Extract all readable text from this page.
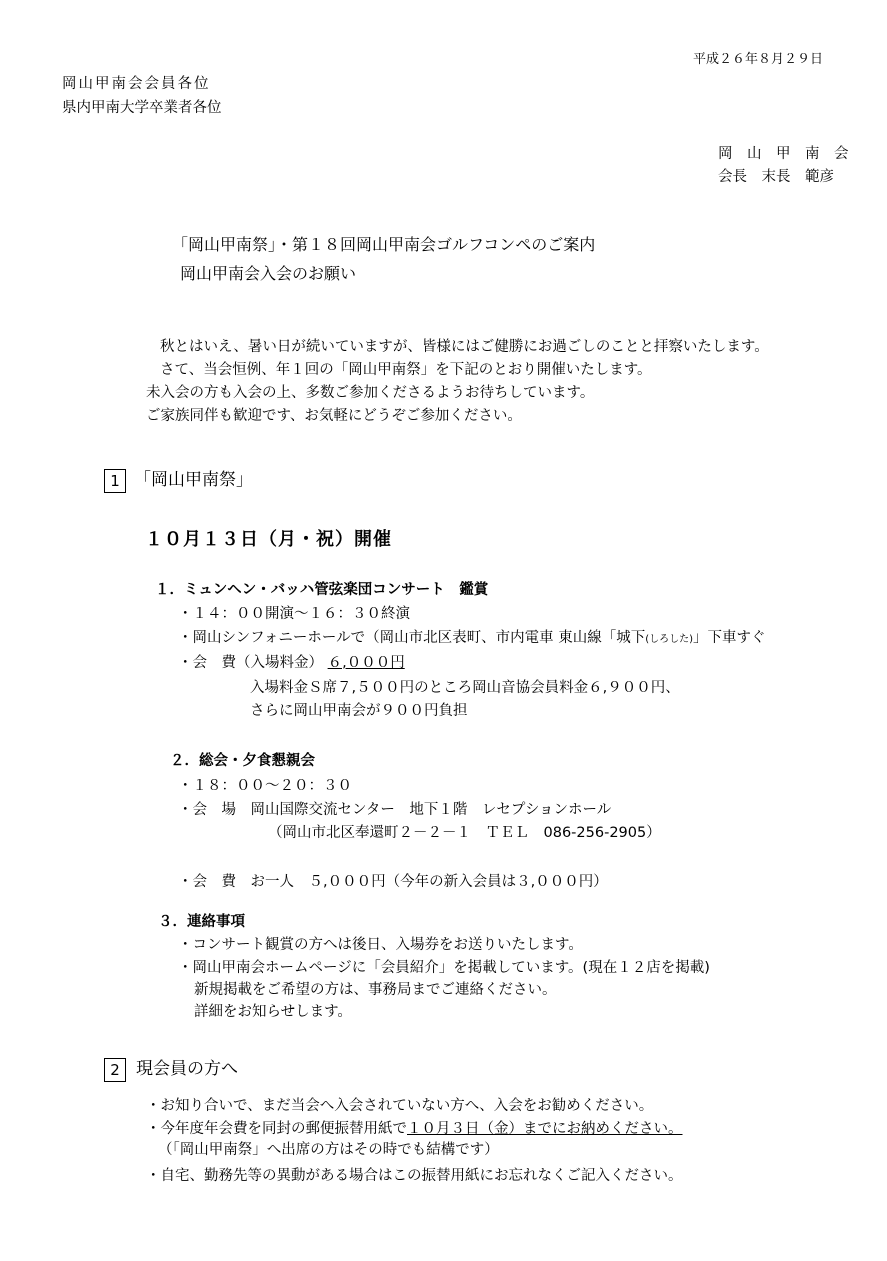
平成２６年８月２９日
岡山甲南会会員各位
県内甲南大学卒業者各位
岡　山　甲　南　会
会長　末長　範彦
「岡山甲南祭」・第１８回岡山甲南会ゴルフコンペのご案内
岡山甲南会入会のお願い
秋とはいえ、暑い日が続いていますが、皆様にはご健勝にお過ごしのことと拝察いたします。
さて、当会恒例、年１回の「岡山甲南祭」を下記のとおり開催いたします。
未入会の方も入会の上、多数ご参加くださるようお待ちしています。
ご家族同伴も歓迎です、お気軽にどうぞご参加ください。
1 「岡山甲南祭」
１０月１３日（月・祝）開催
１．ミュンヘン・バッハ管弦楽団コンサート　鑑賞
・１４：００開演～１６：３０終演
・岡山シンフォニーホールで（岡山市北区表町、市内電車 東山線「城下(しろした)」下車すぐ
・会　費（入場料金） ６,０００円
入場料金Ｓ席７,５００円のところ岡山音協会員料金６,９００円、
さらに岡山甲南会が９００円負担
２．総会・夕食懇親会
・１８：００～２０：３０
・会　場　岡山国際交流センター　地下１階　レセプションホール
（岡山市北区奉還町２－２－１　ＴＥＬ　086-256-2905）
・会　費　お一人　５,０００円（今年の新入会員は３,０００円）
３．連絡事項
・コンサート観賞の方へは後日、入場券をお送りいたします。
・岡山甲南会ホームページに「会員紹介」を掲載しています。(現在１２店を掲載)
新規掲載をご希望の方は、事務局までご連絡ください。
詳細をお知らせします。
2 現会員の方へ
・お知り合いで、まだ当会へ入会されていない方へ、入会をお勧めください。
・今年度年会費を同封の郵便振替用紙で１０月３日（金）までにお納めください。
（「岡山甲南祭」へ出席の方はその時でも結構です）
・自宅、勤務先等の異動がある場合はこの振替用紙にお忘れなくご記入ください。
